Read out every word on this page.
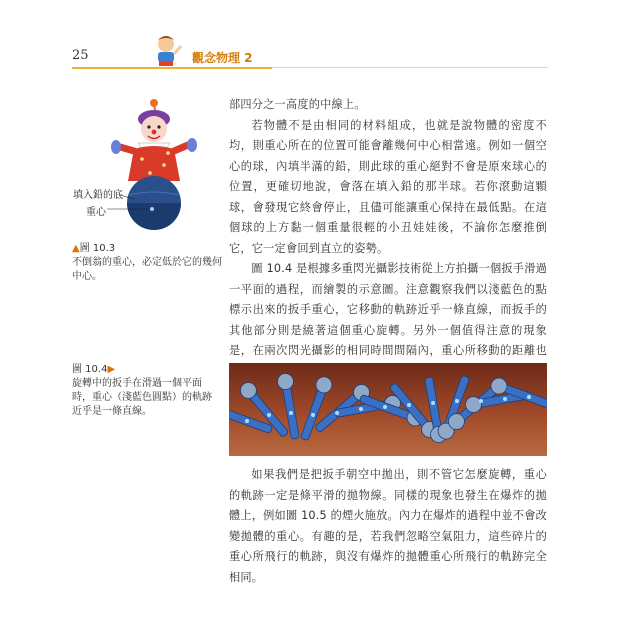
25	觀念物理 2
填入鉛的底
重心
▲圖 10.3
不倒翁的重心，必定低於它的幾何中心。

部四分之一高度的中線上。

若物體不是由相同的材料組成，也就是說物體的密度不均，則重心所在的位置可能會離幾何中心相當遠。例如一個空心的球，內填半滿的鉛，則此球的重心絕對不會是原來球心的位置，更確切地說，會落在填入鉛的那半球。若你滾動這顆球，會發現它終會停止，且儘可能讓重心保持在最低點。在這個球的上方黏一個重量很輕的小丑娃娃後，不論你怎麼推倒它，它一定會回到直立的姿勢。

圖 10.4 是根據多重閃光攝影技術從上方拍攝一個扳手滑過一平面的過程，而繪製的示意圖。注意觀察我們以淺藍色的點標示出來的扳手重心，它移動的軌跡近乎一條直線，而扳手的其他部分則是繞著這個重心旋轉。另外一個值得注意的現象是，在兩次閃光攝影的相同時間間隔內，重心所移動的距離也

圖 10.4▶
旋轉中的扳手在滑過一個平面時，重心（淺藍色圓點）的軌跡近乎是一條直線。

如果我們是把扳手朝空中拋出，則不管它怎麼旋轉，重心的軌跡一定是條平滑的拋物線。同樣的現象也發生在爆炸的拋體上，例如圖 10.5 的煙火施放。內力在爆炸的過程中並不會改變拋體的重心。有趣的是，若我們忽略空氣阻力，這些碎片的重心所飛行的軌跡，與沒有爆炸的拋體重心所飛行的軌跡完全相同。
